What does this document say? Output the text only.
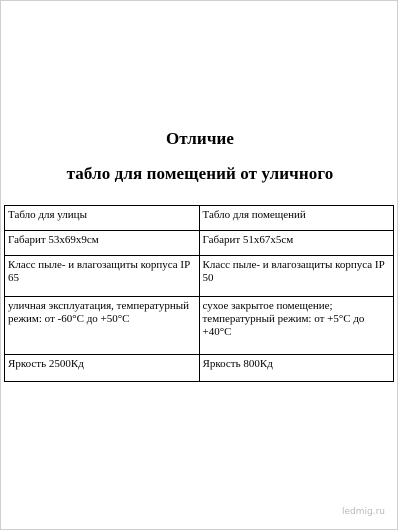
Отличие
табло для помещений от уличного
Табло для улицы	Табло для помещений
Габарит 53х69х9см	Габарит 51х67х5см
Класс пыле- и влагозащиты корпуса IP 65	Класс пыле- и влагозащиты корпуса IP 50
уличная эксплуатация, температурный режим: от -60°С до +50°С	сухое закрытое помещение; температурный режим: от +5°С до +40°С
Яркость 2500Кд	Яркость 800Кд
ledmig.ru
